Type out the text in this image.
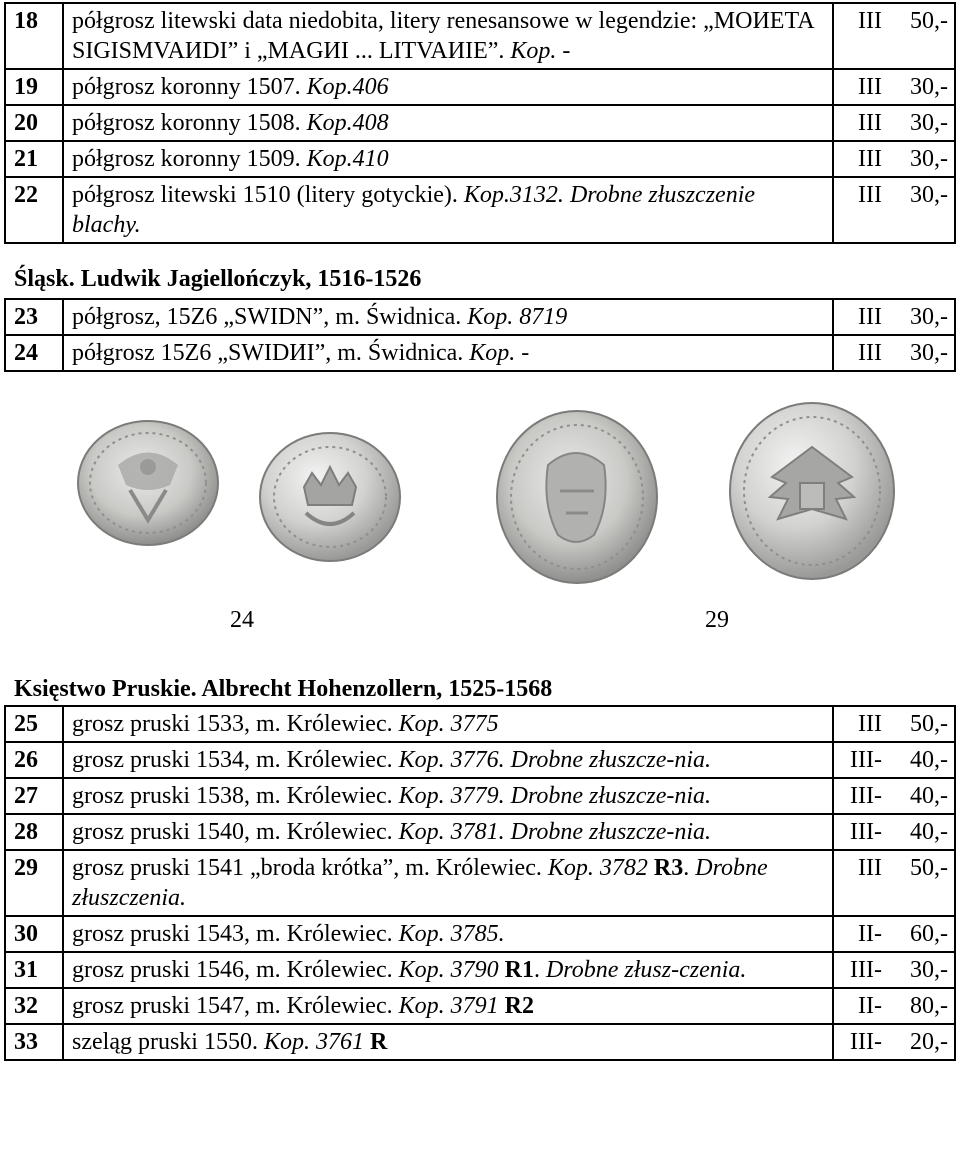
18	półgrosz litewski data niedobita, litery renesansowe w legendzie: „MOИETA SIGISMVAИDI” i „MAGИI ... LITVAИIE”. Kop. -	III	50,-
19	półgrosz koronny 1507. Kop.406	III	30,-
20	półgrosz koronny 1508. Kop.408	III	30,-
21	półgrosz koronny 1509. Kop.410	III	30,-
22	półgrosz litewski 1510 (litery gotyckie). Kop.3132. Drobne złuszczenie blachy.	III	30,-
Śląsk. Ludwik Jagiellończyk, 1516-1526
23	półgrosz, 15Z6 „SWIDN”, m. Świdnica. Kop. 8719	III	30,-
24	półgrosz 15Z6 „SWIDИI”, m. Świdnica. Kop. -	III	30,-
24	29
Księstwo Pruskie. Albrecht Hohenzollern, 1525-1568
25	grosz pruski 1533, m. Królewiec. Kop. 3775	III	50,-
26	grosz pruski 1534, m. Królewiec. Kop. 3776. Drobne złuszcze-nia.	III-	40,-
27	grosz pruski 1538, m. Królewiec. Kop. 3779. Drobne złuszcze-nia.	III-	40,-
28	grosz pruski 1540, m. Królewiec. Kop. 3781. Drobne złuszcze-nia.	III-	40,-
29	grosz pruski 1541 „broda krótka”, m. Królewiec. Kop. 3782 R3. Drobne złuszczenia.	III	50,-
30	grosz pruski 1543, m. Królewiec. Kop. 3785.	II-	60,-
31	grosz pruski 1546, m. Królewiec. Kop. 3790 R1. Drobne złusz-czenia.	III-	30,-
32	grosz pruski 1547, m. Królewiec. Kop. 3791 R2	II-	80,-
33	szeląg pruski 1550. Kop. 3761 R	III-	20,-
